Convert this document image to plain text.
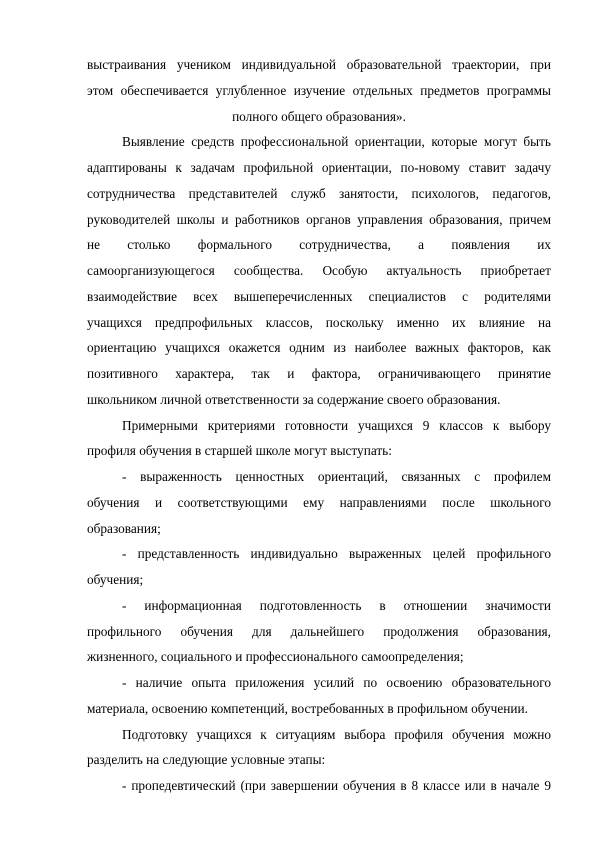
выстраивания учеником индивидуальной образовательной траектории, при
этом обеспечивается углубленное изучение отдельных предметов программы
полного общего образования».
Выявление средств профессиональной ориентации, которые могут быть
адаптированы к задачам профильной ориентации, по-новому ставит задачу
сотрудничества представителей служб занятости, психологов, педагогов,
руководителей школы и работников органов управления образования, причем
не столько формального сотрудничества, а появления их
самоорганизующегося сообщества. Особую актуальность приобретает
взаимодействие всех вышеперечисленных специалистов с родителями
учащихся предпрофильных классов, поскольку именно их влияние на
ориентацию учащихся окажется одним из наиболее важных факторов, как
позитивного характера, так и фактора, ограничивающего принятие
школьником личной ответственности за содержание своего образования.
Примерными критериями готовности учащихся 9 классов к выбору
профиля обучения в старшей школе могут выступать:
- выраженность ценностных ориентаций, связанных с профилем
обучения и соответствующими ему направлениями после школьного
образования;
- представленность индивидуально выраженных целей профильного
обучения;
- информационная подготовленность в отношении значимости
профильного обучения для дальнейшего продолжения образования,
жизненного, социального и профессионального самоопределения;
- наличие опыта приложения усилий по освоению образовательного
материала, освоению компетенций, востребованных в профильном обучении.
Подготовку учащихся к ситуациям выбора профиля обучения можно
разделить на следующие условные этапы:
- пропедевтический (при завершении обучения в 8 классе или в начале 9
